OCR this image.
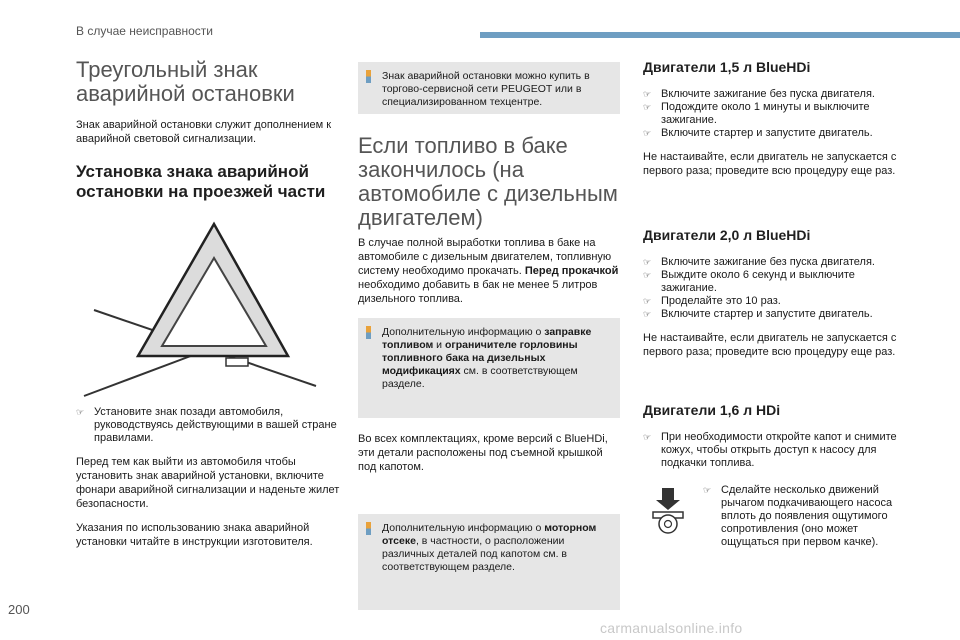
В случае неисправности
Треугольный знак
аварийной остановки

Знак аварийной остановки служит дополнением к аварийной световой сигнализации.

Установка знака аварийной
остановки на проезжей части
☞ Установите знак позади автомобиля, руководствуясь действующими в вашей стране правилами.

Перед тем как выйти из автомобиля чтобы установить знак аварийной установки, включите фонари аварийной сигнализации и наденьте жилет безопасности.

Указания по использованию знака аварийной установки читайте в инструкции изготовителя.

Знак аварийной остановки можно купить в торгово-сервисной сети PEUGEOT или в специализированном техцентре.
Если топливо в баке
закончилось (на
автомобиле с дизельным
двигателем)

В случае полной выработки топлива в баке на автомобиле с дизельным двигателем, топливную систему необходимо прокачать. Перед прокачкой необходимо добавить в бак не менее 5 литров дизельного топлива.

Дополнительную информацию о заправке топливом и ограничителе горловины топливного бака на дизельных модификациях см. в соответствующем разделе.

Во всех комплектациях, кроме версий с BlueHDi, эти детали расположены под съемной крышкой под капотом.

Дополнительную информацию о моторном отсеке, в частности, о расположении различных деталей под капотом см. в соответствующем разделе.
Двигатели 1,5 л BlueHDi
☞ Включите зажигание без пуска двигателя.
☞ Подождите около 1 минуты и выключите зажигание.
☞ Включите стартер и запустите двигатель.

Не настаивайте, если двигатель не запускается с первого раза; проведите всю процедуру еще раз.

Двигатели 2,0 л BlueHDi
☞ Включите зажигание без пуска двигателя.
☞ Выждите около 6 секунд и выключите зажигание.
☞ Проделайте это 10 раз.
☞ Включите стартер и запустите двигатель.

Не настаивайте, если двигатель не запускается с первого раза; проведите всю процедуру еще раз.

Двигатели 1,6 л HDi
☞ При необходимости откройте капот и снимите кожух, чтобы открыть доступ к насосу для подкачки топлива.
☞ Сделайте несколько движений рычагом подкачивающего насоса вплоть до появления ощутимого сопротивления (оно может ощущаться при первом качке).
200
carmanualsonline.info
